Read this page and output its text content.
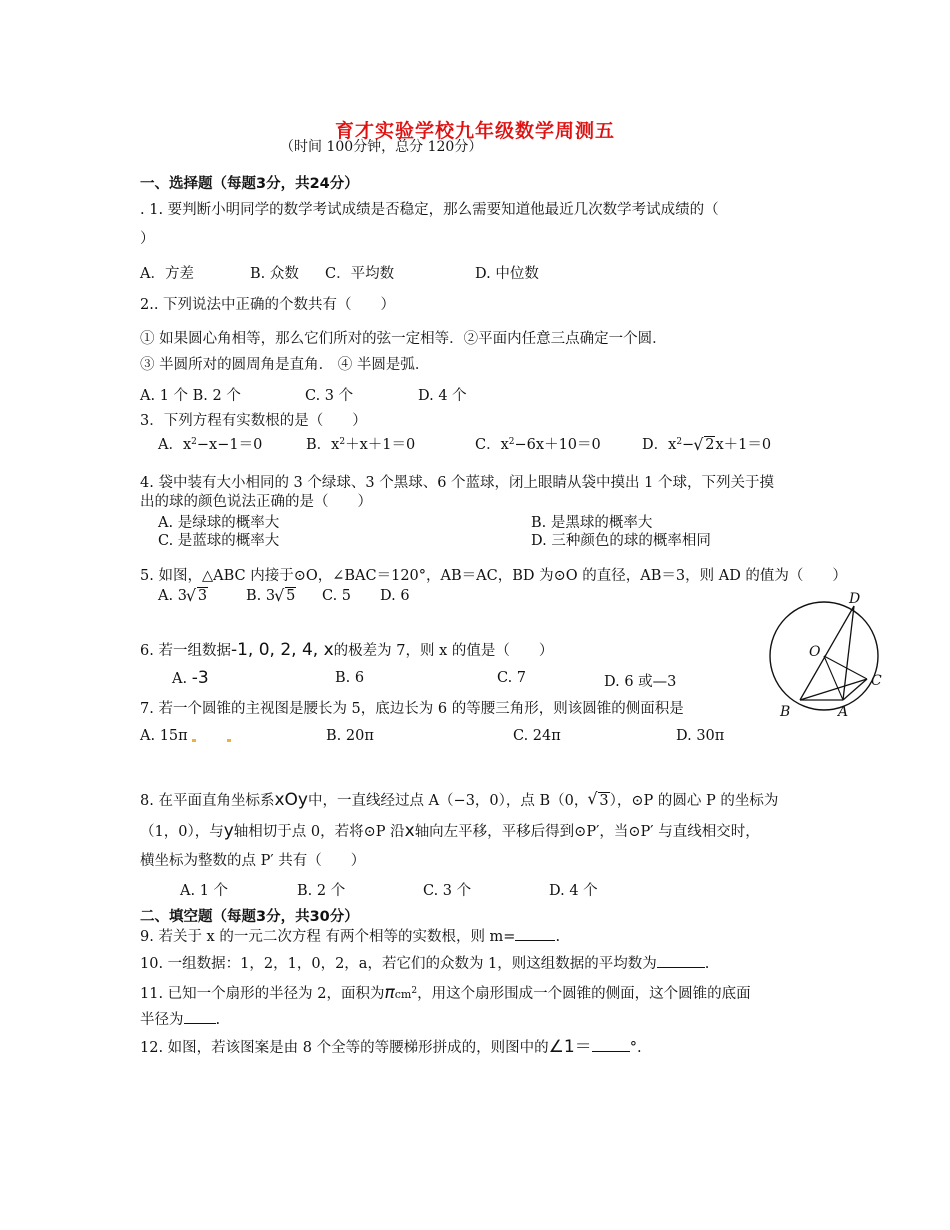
育才实验学校九年级数学周测五
（时间 100分钟，总分 120分）
一、选择题（每题3分，共24分）
. 1. 要判断小明同学的数学考试成绩是否稳定，那么需要知道他最近几次数学考试成绩的（
）
A．方差	B. 众数 C．平均数	D. 中位数
2.. 下列说法中正确的个数共有（　　）
① 如果圆心角相等，那么它们所对的弦一定相等．②平面内任意三点确定一个圆．
③ 半圆所对的圆周角是直角． ④ 半圆是弧．
A. 1 个 B. 2 个	C. 3 个	D. 4 个
3．下列方程有实数根的是（　　）
A．$x^2-x-1=0$	B．$x^2+x+1=0$	C．$x^2-6x+10=0$	D．$x^2-√$ 2x＋1＝0
4. 袋中装有大小相同的 3 个绿球、3 个黑球、6 个蓝球，闭上眼睛从袋中摸出 1 个球，下列关于摸
出的球的颜色说法正确的是（　　）
A. 是绿球的概率大	B. 是黑球的概率大
C. 是蓝球的概率大	D. 三种颜色的球的概率相同
5. 如图，△ABC 内接于⊙O，∠BAC＝120°，AB＝AC，BD 为⊙O 的直径，AB＝3，则 AD 的值为（　　）
A. 3√ 3	B. 3√ 5 C. 5 D. 6
6. 若一组数据-1, 0, 2, 4, x的极差为 7，则 x 的值是（　　）
A. -3	B. 6	C. 7	D. 6 或—3
7. 若一个圆锥的主视图是腰长为 5，底边长为 6 的等腰三角形，则该圆锥的侧面积是
A. 15π	B. 20π	C. 24π	D. 30π
8. 在平面直角坐标系xOy中，一直线经过点 A（−3，0），点 B（0，√ 3），⊙P 的圆心 P 的坐标为
（1，0），与y轴相切于点 0，若将⊙P 沿x轴向左平移，平移后得到⊙P′，当⊙P′ 与直线相交时，
横坐标为整数的点 P′ 共有（　　）
A. 1 个	B. 2 个	C. 3 个	D. 4 个
二、填空题（每题3分，共30分）
9. 若关于 x 的一元二次方程 有两个相等的实数根，则 m=	.
10. 一组数据：1，2，1，0，2，a，若它们的众数为 1，则这组数据的平均数为	.
11. 已知一个扇形的半径为 2，面积为πcm$^2$，用这个扇形围成一个圆锥的侧面，这个圆锥的底面
半径为 .
12. 如图，若该图案是由 8 个全等的等腰梯形拼成的，则图中的∠1＝	°.
D
O
C
B	A
